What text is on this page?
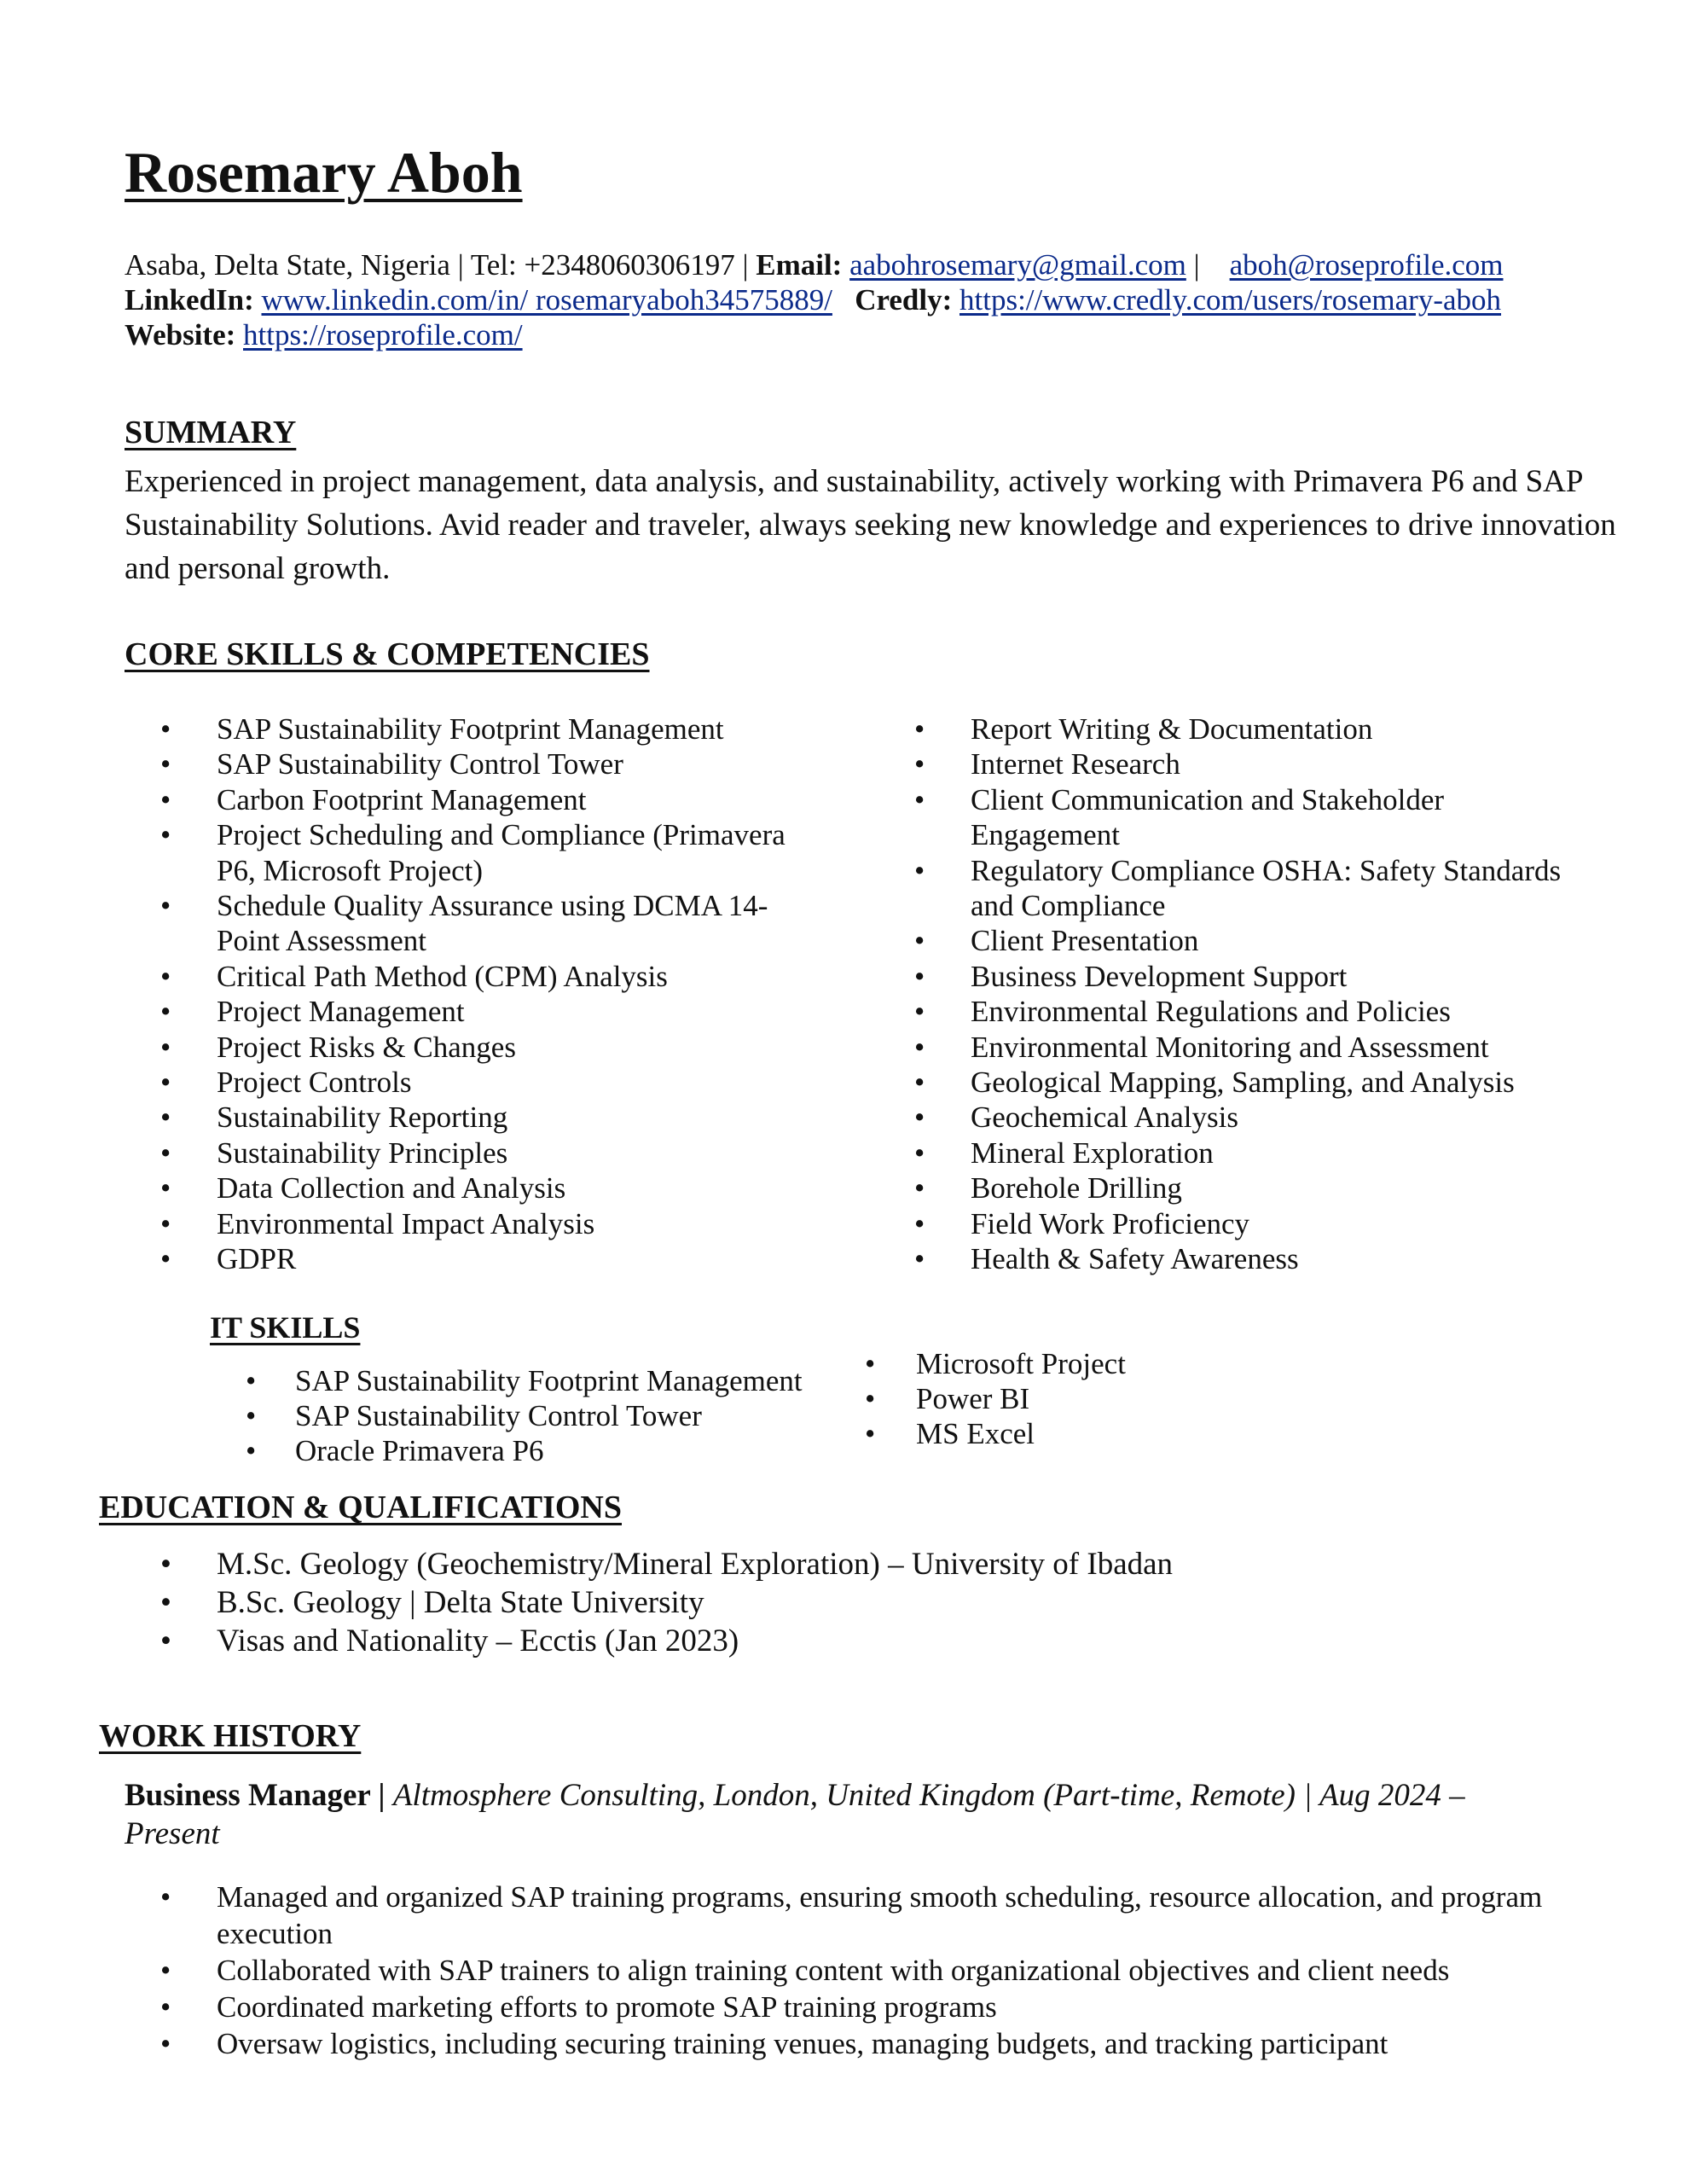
Rosemary Aboh
Asaba, Delta State, Nigeria | Tel: +2348060306197 | Email: aabohrosemary@gmail.com | aboh@roseprofile.com
LinkedIn: www.linkedin.com/in/ rosemaryaboh34575889/ Credly: https://www.credly.com/users/rosemary-aboh
Website: https://roseprofile.com/
SUMMARY
Experienced in project management, data analysis, and sustainability, actively working with Primavera P6 and SAP Sustainability Solutions. Avid reader and traveler, always seeking new knowledge and experiences to drive innovation and personal growth.
CORE SKILLS & COMPETENCIES
• SAP Sustainability Footprint Management
• SAP Sustainability Control Tower
• Carbon Footprint Management
• Project Scheduling and Compliance (Primavera
P6, Microsoft Project)
• Schedule Quality Assurance using DCMA 14-
Point Assessment
• Critical Path Method (CPM) Analysis
• Project Management
• Project Risks & Changes
• Project Controls
• Sustainability Reporting
• Sustainability Principles
• Data Collection and Analysis
• Environmental Impact Analysis
• GDPR
• Report Writing & Documentation
• Internet Research
• Client Communication and Stakeholder
Engagement
• Regulatory Compliance OSHA: Safety Standards
and Compliance
• Client Presentation
• Business Development Support
• Environmental Regulations and Policies
• Environmental Monitoring and Assessment
• Geological Mapping, Sampling, and Analysis
• Geochemical Analysis
• Mineral Exploration
• Borehole Drilling
• Field Work Proficiency
• Health & Safety Awareness
IT SKILLS
• SAP Sustainability Footprint Management
• SAP Sustainability Control Tower
• Oracle Primavera P6
• Microsoft Project
• Power BI
• MS Excel
EDUCATION & QUALIFICATIONS
• M.Sc. Geology (Geochemistry/Mineral Exploration) – University of Ibadan
• B.Sc. Geology | Delta State University
• Visas and Nationality – Ecctis (Jan 2023)
WORK HISTORY
Business Manager | Altmosphere Consulting, London, United Kingdom (Part-time, Remote) | Aug 2024 – Present
• Managed and organized SAP training programs, ensuring smooth scheduling, resource allocation, and program execution
• Collaborated with SAP trainers to align training content with organizational objectives and client needs
• Coordinated marketing efforts to promote SAP training programs
• Oversaw logistics, including securing training venues, managing budgets, and tracking participant
